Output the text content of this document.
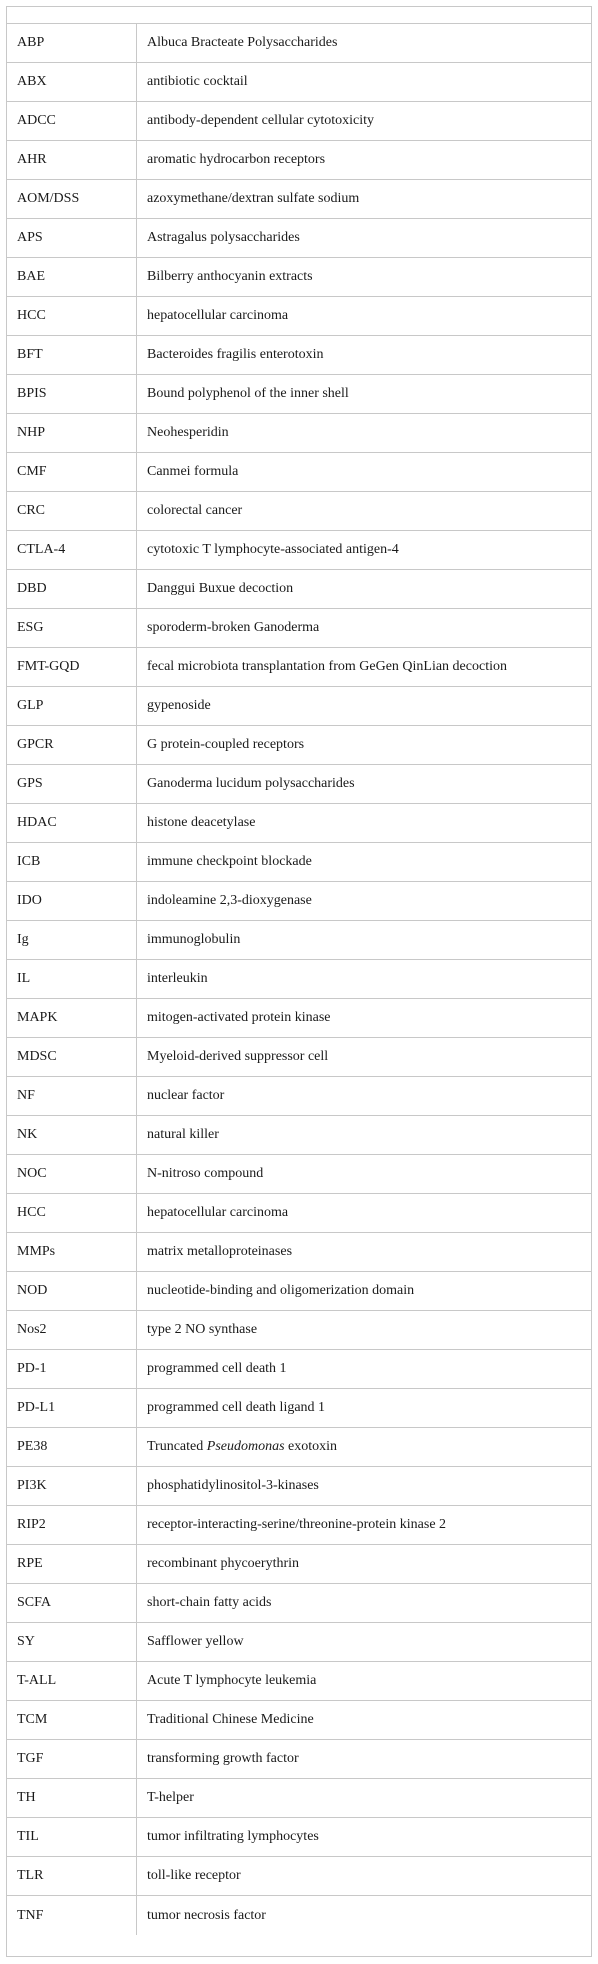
ABP	Albuca Bracteate Polysaccharides
ABX	antibiotic cocktail
ADCC	antibody-dependent cellular cytotoxicity
AHR	aromatic hydrocarbon receptors
AOM/DSS	azoxymethane/dextran sulfate sodium
APS	Astragalus polysaccharides
BAE	Bilberry anthocyanin extracts
HCC	hepatocellular carcinoma
BFT	Bacteroides fragilis enterotoxin
BPIS	Bound polyphenol of the inner shell
NHP	Neohesperidin
CMF	Canmei formula
CRC	colorectal cancer
CTLA-4	cytotoxic T lymphocyte-associated antigen-4
DBD	Danggui Buxue decoction
ESG	sporoderm-broken Ganoderma
FMT-GQD	fecal microbiota transplantation from GeGen QinLian decoction
GLP	gypenoside
GPCR	G protein-coupled receptors
GPS	Ganoderma lucidum polysaccharides
HDAC	histone deacetylase
ICB	immune checkpoint blockade
IDO	indoleamine 2,3-dioxygenase
Ig	immunoglobulin
IL	interleukin
MAPK	mitogen-activated protein kinase
MDSC	Myeloid-derived suppressor cell
NF	nuclear factor
NK	natural killer
NOC	N-nitroso compound
HCC	hepatocellular carcinoma
MMPs	matrix metalloproteinases
NOD	nucleotide-binding and oligomerization domain
Nos2	type 2 NO synthase
PD-1	programmed cell death 1
PD-L1	programmed cell death ligand 1
PE38	Truncated Pseudomonas exotoxin
PI3K	phosphatidylinositol-3-kinases
RIP2	receptor-interacting-serine/threonine-protein kinase 2
RPE	recombinant phycoerythrin
SCFA	short-chain fatty acids
SY	Safflower yellow
T-ALL	Acute T lymphocyte leukemia
TCM	Traditional Chinese Medicine
TGF	transforming growth factor
TH	T-helper
TIL	tumor infiltrating lymphocytes
TLR	toll-like receptor
TNF	tumor necrosis factor
